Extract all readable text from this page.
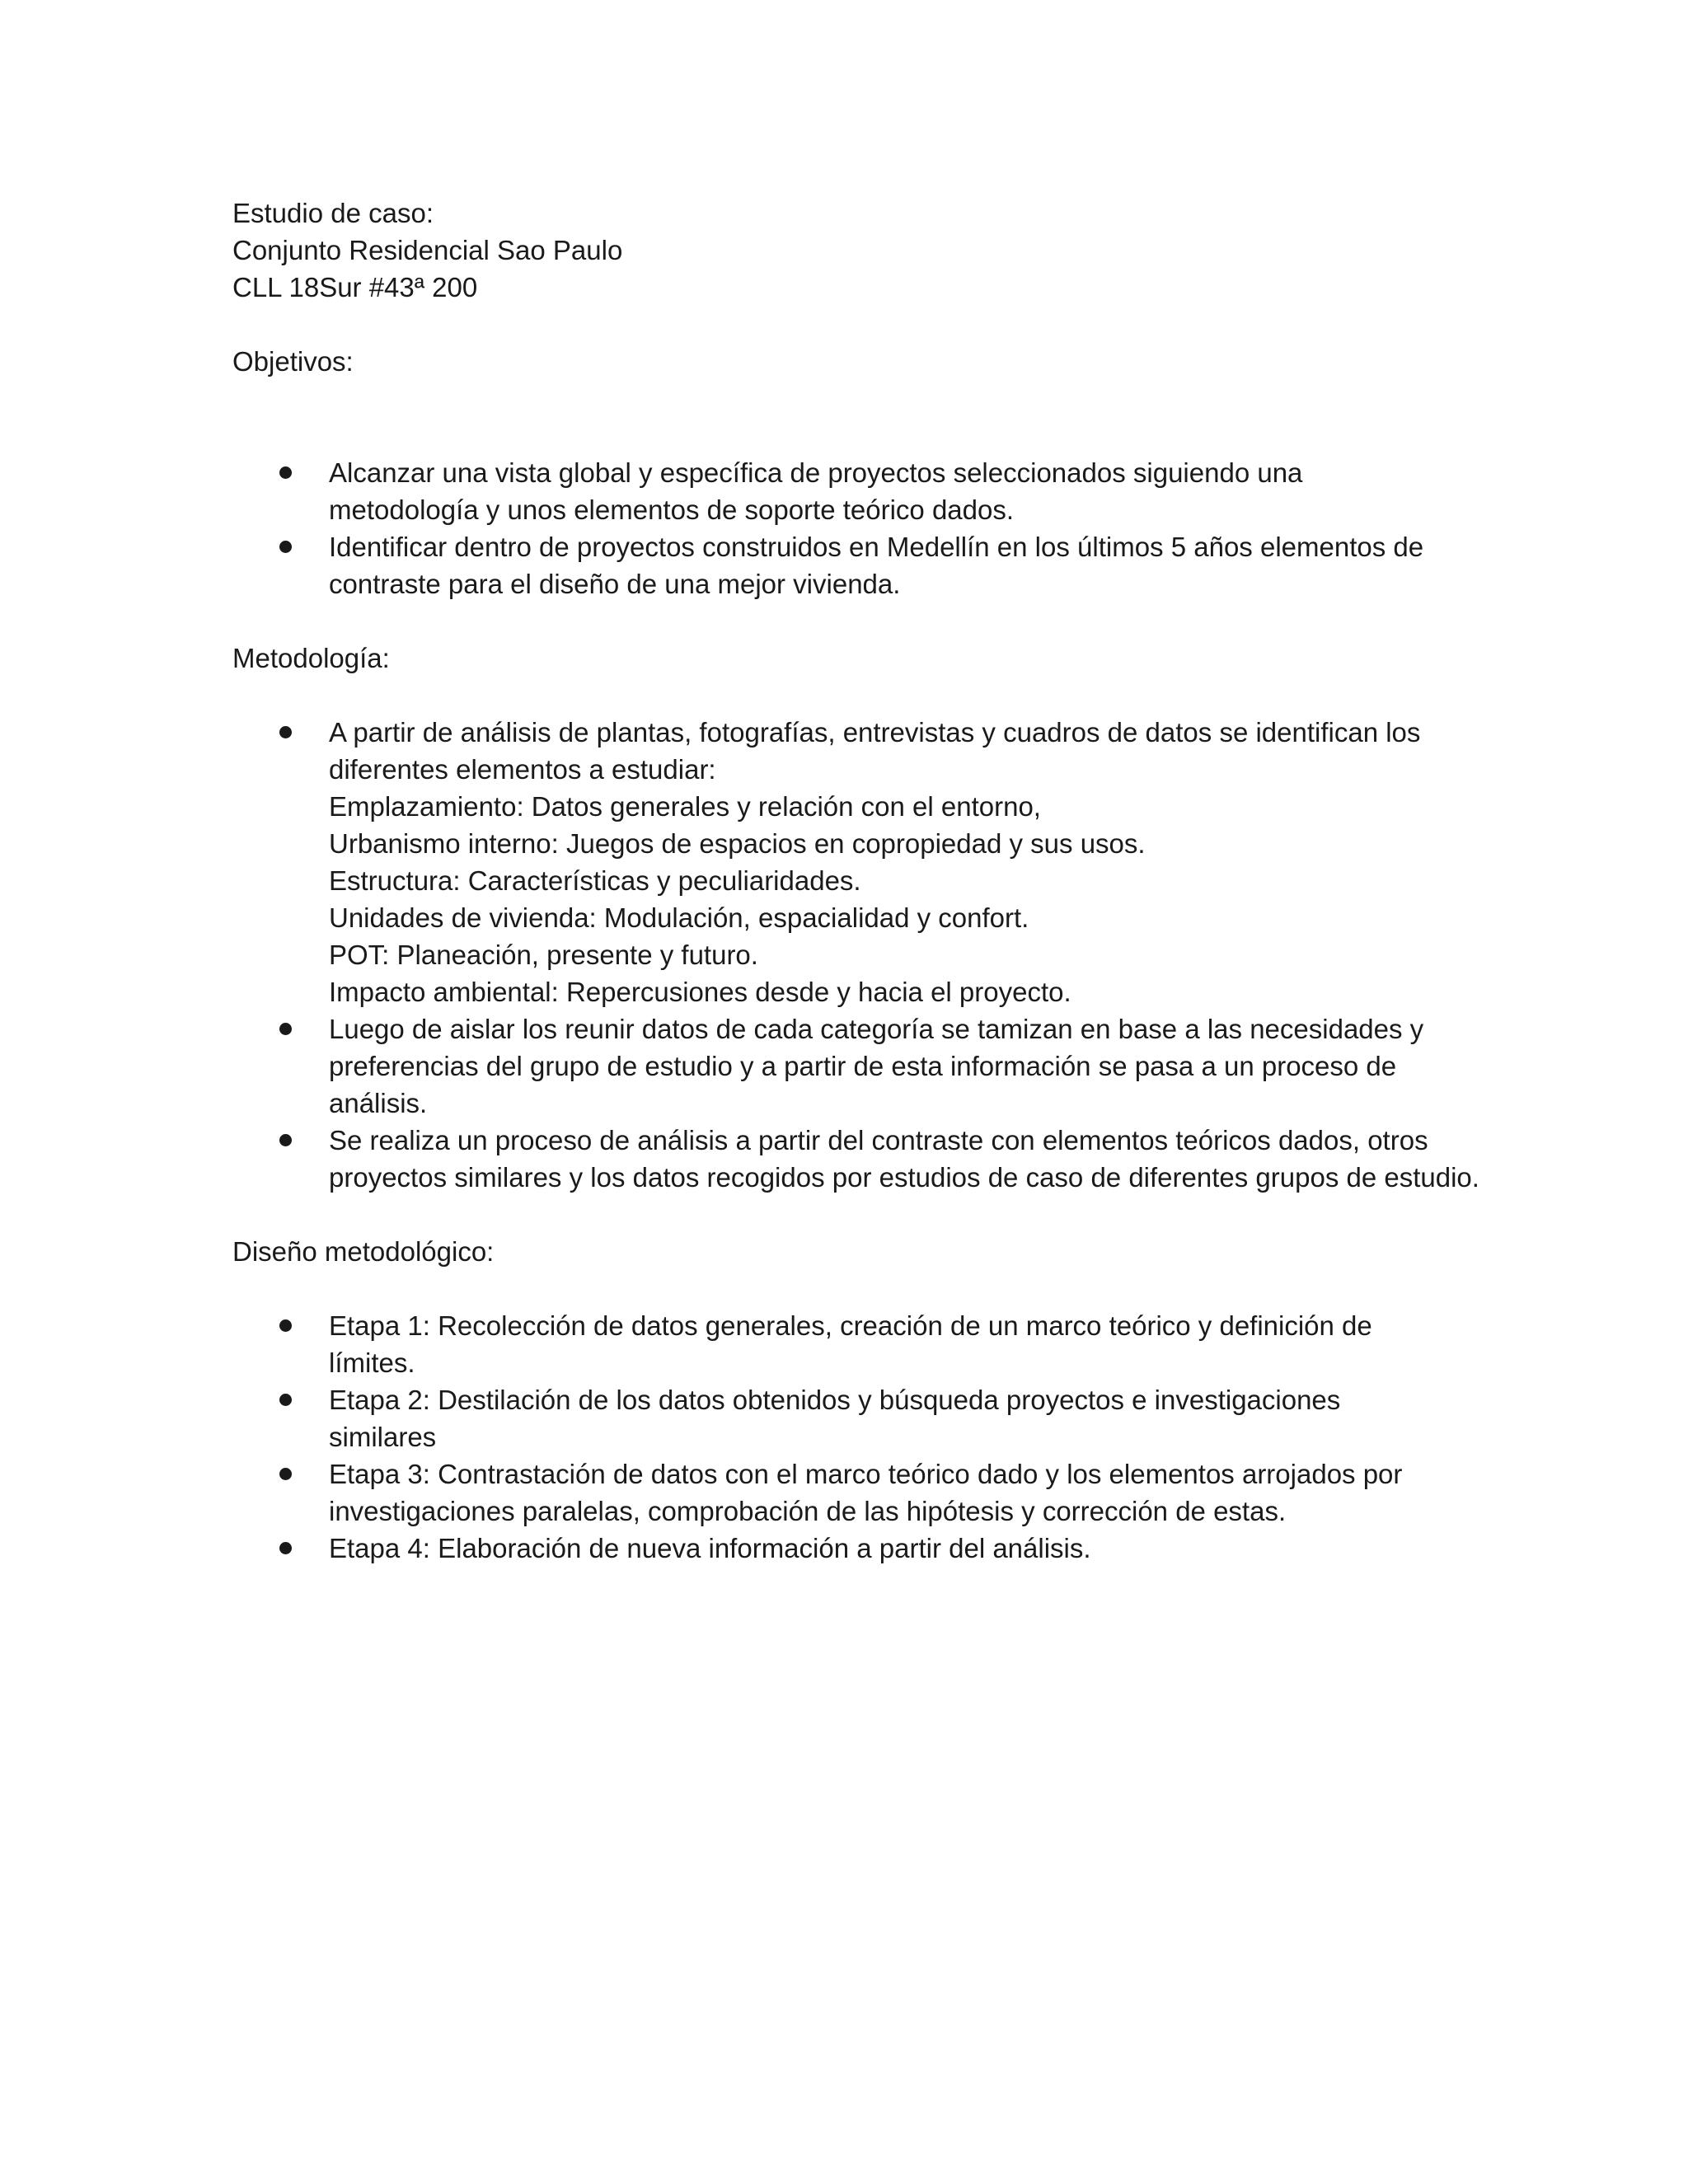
Estudio de caso:

Conjunto Residencial Sao Paulo

CLL 18Sur #43ª 200

Objetivos:

Alcanzar una vista global y específica de proyectos seleccionados siguiendo una metodología y unos elementos de soporte teórico dados.
Identificar dentro de proyectos construidos en Medellín en los últimos 5 años elementos de contraste para el diseño de una mejor vivienda.

Metodología:

A partir de análisis de plantas, fotografías, entrevistas y cuadros de datos se identifican los diferentes elementos a estudiar:
Emplazamiento: Datos generales y relación con el entorno,
Urbanismo interno: Juegos de espacios en copropiedad y sus usos.
Estructura: Características y peculiaridades.
Unidades de vivienda: Modulación, espacialidad y confort.
POT: Planeación, presente y futuro.
Impacto ambiental: Repercusiones desde y hacia el proyecto.
Luego de aislar los reunir datos de cada categoría se tamizan en base a las necesidades y preferencias del grupo de estudio y a partir de esta información se pasa a un proceso de análisis.
Se realiza un proceso de análisis a partir del contraste con elementos teóricos dados, otros proyectos similares y los datos recogidos por estudios de caso de diferentes grupos de estudio.

Diseño metodológico:

Etapa 1: Recolección de datos generales, creación de un marco teórico y definición de límites.
Etapa 2: Destilación de los datos obtenidos y búsqueda proyectos e investigaciones similares
Etapa 3: Contrastación de datos con el marco teórico dado y los elementos arrojados por investigaciones paralelas, comprobación de las hipótesis y corrección de estas.
Etapa 4: Elaboración de nueva información a partir del análisis.
